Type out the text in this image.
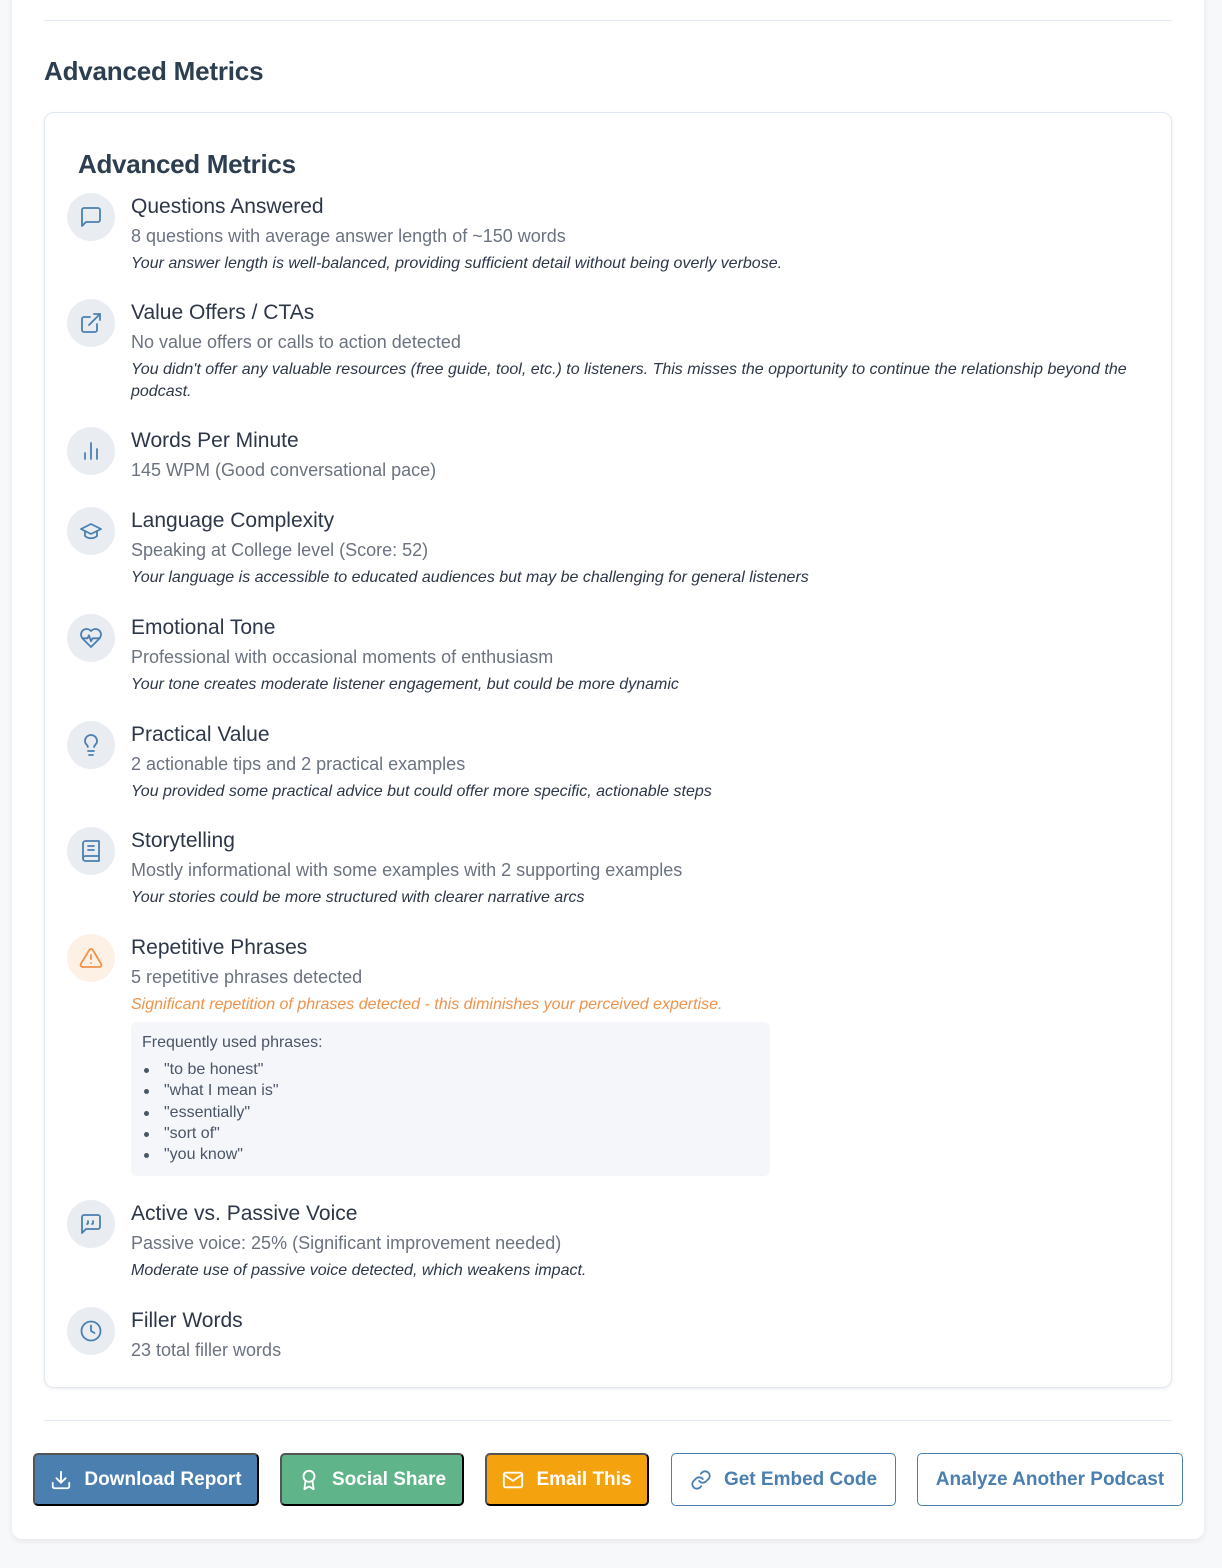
Advanced Metrics
Advanced Metrics
Questions Answered
8 questions with average answer length of ~150 words
Your answer length is well-balanced, providing sufficient detail without being overly verbose.
Value Offers / CTAs
No value offers or calls to action detected
You didn't offer any valuable resources (free guide, tool, etc.) to listeners. This misses the opportunity to continue the relationship beyond the podcast.
Words Per Minute
145 WPM (Good conversational pace)
Language Complexity
Speaking at College level (Score: 52)
Your language is accessible to educated audiences but may be challenging for general listeners
Emotional Tone
Professional with occasional moments of enthusiasm
Your tone creates moderate listener engagement, but could be more dynamic
Practical Value
2 actionable tips and 2 practical examples
You provided some practical advice but could offer more specific, actionable steps
Storytelling
Mostly informational with some examples with 2 supporting examples
Your stories could be more structured with clearer narrative arcs
Repetitive Phrases
5 repetitive phrases detected
Significant repetition of phrases detected - this diminishes your perceived expertise.
Frequently used phrases:
"to be honest"
"what I mean is"
"essentially"
"sort of"
"you know"
Active vs. Passive Voice
Passive voice: 25% (Significant improvement needed)
Moderate use of passive voice detected, which weakens impact.
Filler Words
23 total filler words
Download Report	Social Share	Email This	Get Embed Code	Analyze Another Podcast
